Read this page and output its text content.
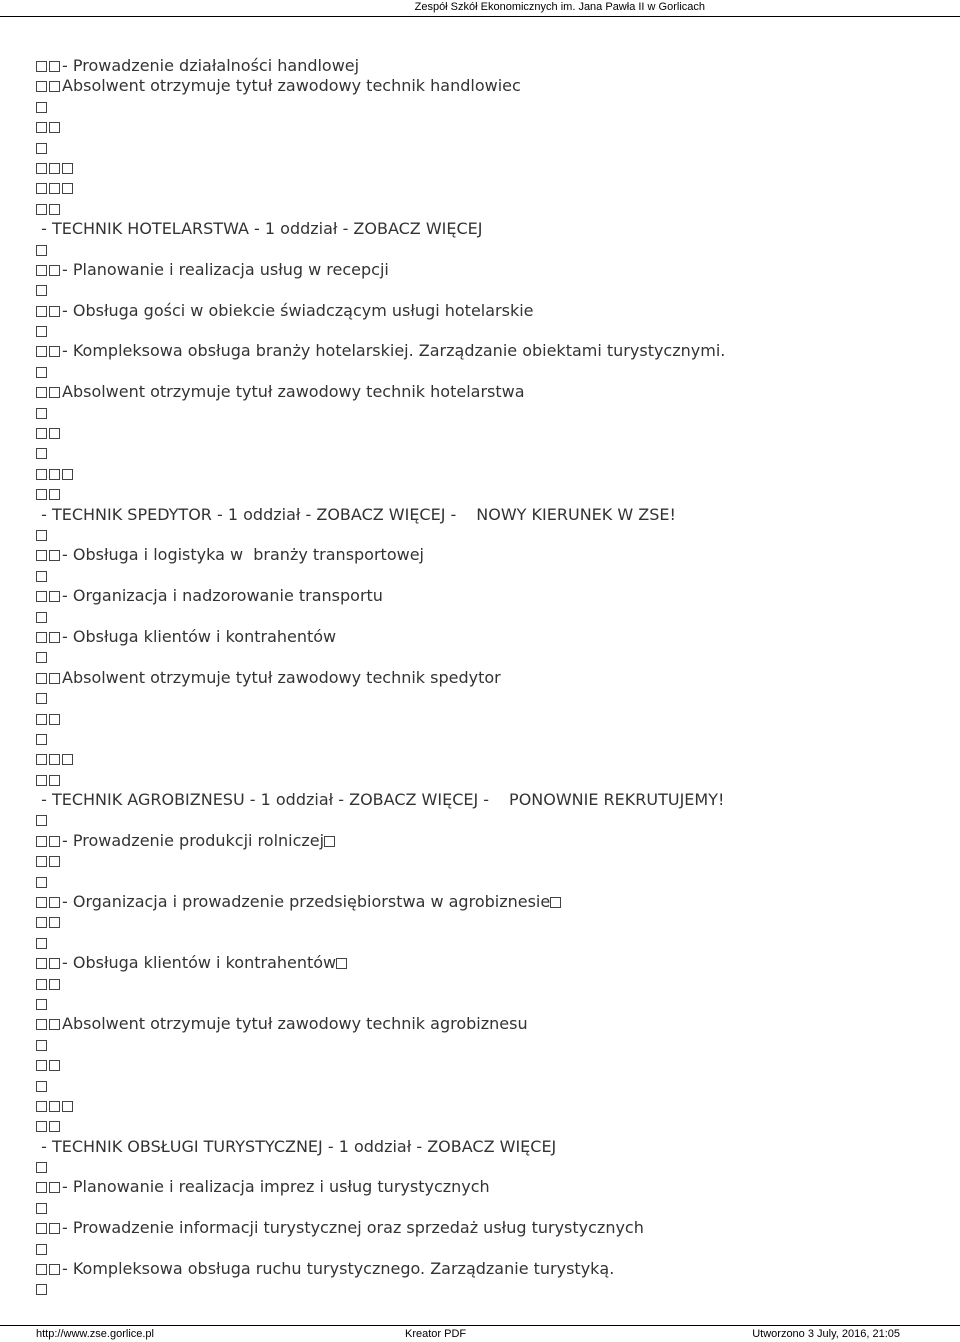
Zespół Szkół Ekonomicznych im. Jana Pawła II w Gorlicach
- Prowadzenie działalności handlowej
Absolwent otrzymuje tytuł zawodowy technik handlowiec
- TECHNIK HOTELARSTWA - 1 oddział - ZOBACZ WIĘCEJ
- Planowanie i realizacja usług w recepcji
- Obsługa gości w obiekcie świadczącym usługi hotelarskie
- Kompleksowa obsługa branży hotelarskiej. Zarządzanie obiektami turystycznymi.
Absolwent otrzymuje tytuł zawodowy technik hotelarstwa
- TECHNIK SPEDYTOR - 1 oddział - ZOBACZ WIĘCEJ - NOWY KIERUNEK W ZSE!
- Obsługa i logistyka w  branży transportowej
- Organizacja i nadzorowanie transportu
- Obsługa klientów i kontrahentów
Absolwent otrzymuje tytuł zawodowy technik spedytor
- TECHNIK AGROBIZNESU - 1 oddział - ZOBACZ WIĘCEJ - PONOWNIE REKRUTUJEMY!
- Prowadzenie produkcji rolniczej
- Organizacja i prowadzenie przedsiębiorstwa w agrobiznesie
- Obsługa klientów i kontrahentów
Absolwent otrzymuje tytuł zawodowy technik agrobiznesu
- TECHNIK OBSŁUGI TURYSTYCZNEJ - 1 oddział - ZOBACZ WIĘCEJ
- Planowanie i realizacja imprez i usług turystycznych
- Prowadzenie informacji turystycznej oraz sprzedaż usług turystycznych
- Kompleksowa obsługa ruchu turystycznego. Zarządzanie turystyką.
http://www.zse.gorlice.pl	Kreator PDF	Utworzono 3 July, 2016, 21:05
